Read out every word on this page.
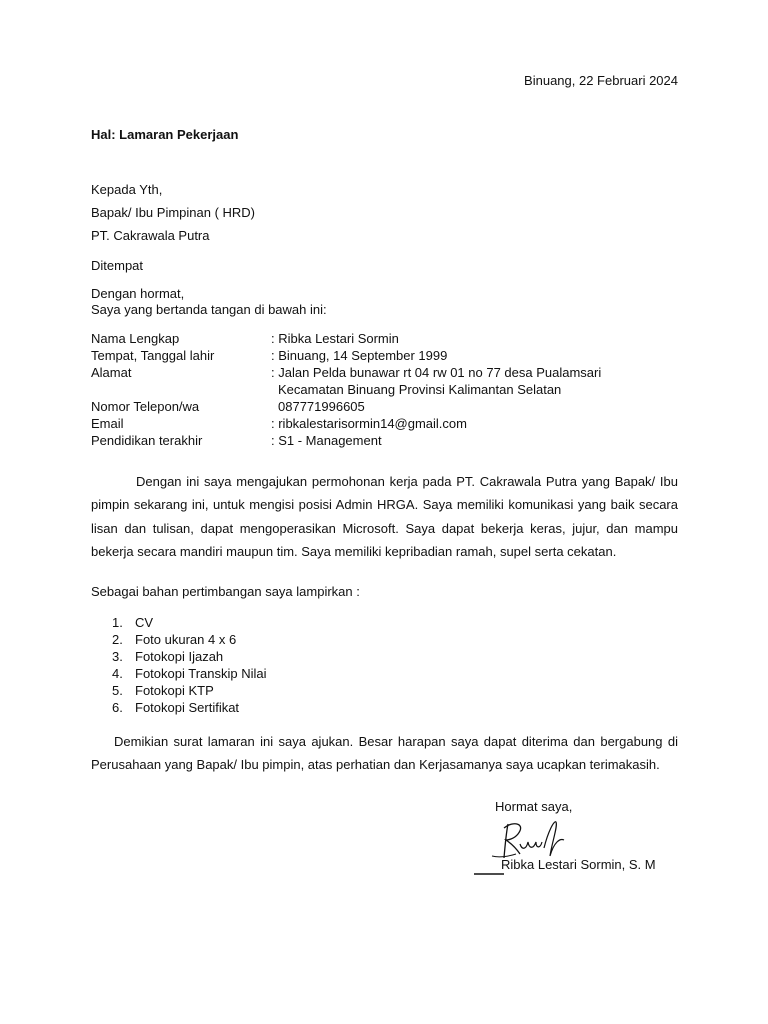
Binuang, 22 Februari 2024
Hal: Lamaran Pekerjaan
Kepada Yth,
Bapak/ Ibu Pimpinan ( HRD)
PT. Cakrawala Putra
Ditempat
Dengan hormat,
Saya yang bertanda tangan di bawah ini:
Nama Lengkap	: Ribka Lestari Sormin
Tempat, Tanggal lahir	: Binuang, 14 September 1999
Alamat	: Jalan Pelda bunawar rt 04 rw 01 no 77 desa Pualamsari
Kecamatan Binuang Provinsi Kalimantan Selatan
Nomor Telepon/wa	087771996605
Email	: ribkalestarisormin14@gmail.com
Pendidikan terakhir	: S1 - Management

Dengan ini saya mengajukan permohonan kerja pada PT. Cakrawala Putra yang Bapak/ Ibu pimpin sekarang ini, untuk mengisi posisi Admin HRGA. Saya memiliki komunikasi yang baik secara lisan dan tulisan, dapat mengoperasikan Microsoft. Saya dapat bekerja keras, jujur, dan mampu bekerja secara mandiri maupun tim. Saya memiliki kepribadian ramah, supel serta cekatan.

Sebagai bahan pertimbangan saya lampirkan :
1. CV
2. Foto ukuran 4 x 6
3. Fotokopi Ijazah
4. Fotokopi Transkip Nilai
5. Fotokopi KTP
6. Fotokopi Sertifikat

Demikian surat lamaran ini saya ajukan. Besar harapan saya dapat diterima dan bergabung di Perusahaan yang Bapak/ Ibu pimpin, atas perhatian dan Kerjasamanya saya ucapkan terimakasih.

Hormat saya,
Ribka Lestari Sormin, S. M
